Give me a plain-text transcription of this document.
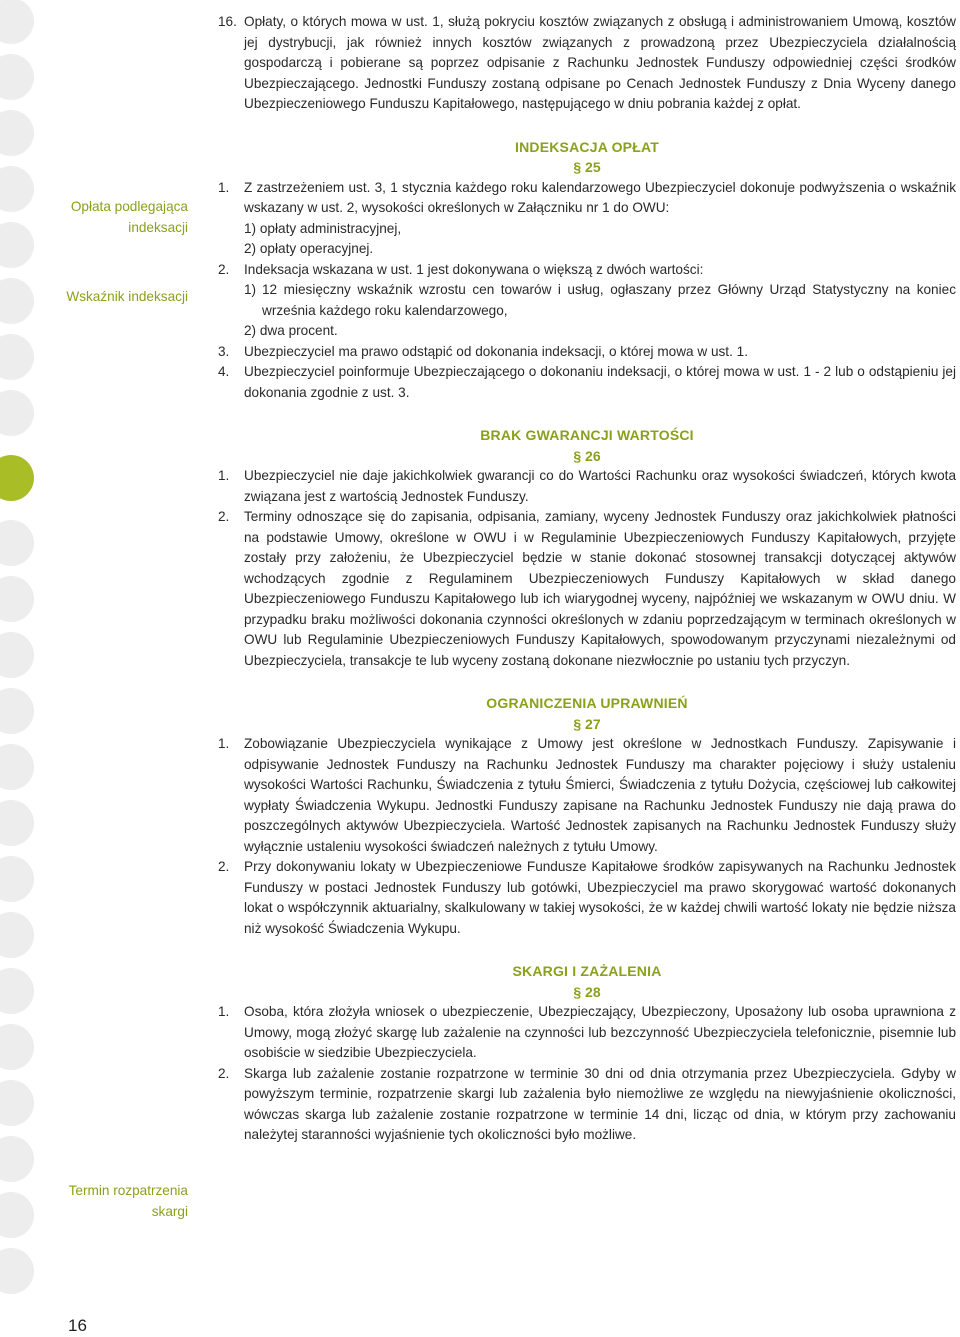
Opłata podlegająca
indeksacji
Wskaźnik indeksacji
Termin rozpatrzenia
skargi
16. Opłaty, o których mowa w ust. 1, służą pokryciu kosztów związanych z obsługą i administrowaniem Umową, kosztów jej dystrybucji, jak również innych kosztów związanych z prowadzoną przez Ubezpieczyciela działalnością gospodarczą i pobierane są poprzez odpisanie z Rachunku Jednostek Funduszy odpowiedniej części środków Ubezpieczającego. Jednostki Funduszy zostaną odpisane po Cenach Jednostek Funduszy z Dnia Wyceny danego Ubezpieczeniowego Funduszu Kapitałowego, następującego w dniu pobrania każdej z opłat.
INDEKSACJA OPŁAT
§ 25
1. Z zastrzeżeniem ust. 3, 1 stycznia każdego roku kalendarzowego Ubezpieczyciel dokonuje podwyższenia o wskaźnik wskazany w ust. 2, wysokości określonych w Załączniku nr 1 do OWU:
1) opłaty administracyjnej,
2) opłaty operacyjnej.
2. Indeksacja wskazana w ust. 1 jest dokonywana o większą z dwóch wartości:
1) 12 miesięczny wskaźnik wzrostu cen towarów i usług, ogłaszany przez Główny Urząd Statystyczny na koniec września każdego roku kalendarzowego,
2) dwa procent.
3. Ubezpieczyciel ma prawo odstąpić od dokonania indeksacji, o której mowa w ust. 1.
4. Ubezpieczyciel poinformuje Ubezpieczającego o dokonaniu indeksacji, o której mowa w ust. 1 - 2 lub o odstąpieniu jej dokonania zgodnie z ust. 3.
BRAK GWARANCJI WARTOŚCI
§ 26
1. Ubezpieczyciel nie daje jakichkolwiek gwarancji co do Wartości Rachunku oraz wysokości świadczeń, których kwota związana jest z wartością Jednostek Funduszy.
2. Terminy odnoszące się do zapisania, odpisania, zamiany, wyceny Jednostek Funduszy oraz jakichkolwiek płatności na podstawie Umowy, określone w OWU i w Regulaminie Ubezpieczeniowych Funduszy Kapitałowych, przyjęte zostały przy założeniu, że Ubezpieczyciel będzie w stanie dokonać stosownej transakcji dotyczącej aktywów wchodzących zgodnie z Regulaminem Ubezpieczeniowych Funduszy Kapitałowych w skład danego Ubezpieczeniowego Funduszu Kapitałowego lub ich wiarygodnej wyceny, najpóźniej we wskazanym w OWU dniu. W przypadku braku możliwości dokonania czynności określonych w zdaniu poprzedzającym w terminach określonych w OWU lub Regulaminie Ubezpieczeniowych Funduszy Kapitałowych, spowodowanym przyczynami niezależnymi od Ubezpieczyciela, transakcje te lub wyceny zostaną dokonane niezwłocznie po ustaniu tych przyczyn.
OGRANICZENIA UPRAWNIEŃ
§ 27
1. Zobowiązanie Ubezpieczyciela wynikające z Umowy jest określone w Jednostkach Funduszy. Zapisywanie i odpisywanie Jednostek Funduszy na Rachunku Jednostek Funduszy ma charakter pojęciowy i służy ustaleniu wysokości Wartości Rachunku, Świadczenia z tytułu Śmierci, Świadczenia z tytułu Dożycia, częściowej lub całkowitej wypłaty Świadczenia Wykupu. Jednostki Funduszy zapisane na Rachunku Jednostek Funduszy nie dają prawa do poszczególnych aktywów Ubezpieczyciela. Wartość Jednostek zapisanych na Rachunku Jednostek Funduszy służy wyłącznie ustaleniu wysokości świadczeń należnych z tytułu Umowy.
2. Przy dokonywaniu lokaty w Ubezpieczeniowe Fundusze Kapitałowe środków zapisywanych na Rachunku Jednostek Funduszy w postaci Jednostek Funduszy lub gotówki, Ubezpieczyciel ma prawo skorygować wartość dokonanych lokat o współczynnik aktuarialny, skalkulowany w takiej wysokości, że w każdej chwili wartość lokaty nie będzie niższa niż wysokość Świadczenia Wykupu.
SKARGI I ZAŻALENIA
§ 28
1. Osoba, która złożyła wniosek o ubezpieczenie, Ubezpieczający, Ubezpieczony, Uposażony lub osoba uprawniona z Umowy, mogą złożyć skargę lub zażalenie na czynności lub bezczynność Ubezpieczyciela telefonicznie, pisemnie lub osobiście w siedzibie Ubezpieczyciela.
2. Skarga lub zażalenie zostanie rozpatrzone w terminie 30 dni od dnia otrzymania przez Ubezpieczyciela. Gdyby w powyższym terminie, rozpatrzenie skargi lub zażalenia było niemożliwe ze względu na niewyjaśnienie okoliczności, wówczas skarga lub zażalenie zostanie rozpatrzone w terminie 14 dni, licząc od dnia, w którym przy zachowaniu należytej staranności wyjaśnienie tych okoliczności było możliwe.
16
